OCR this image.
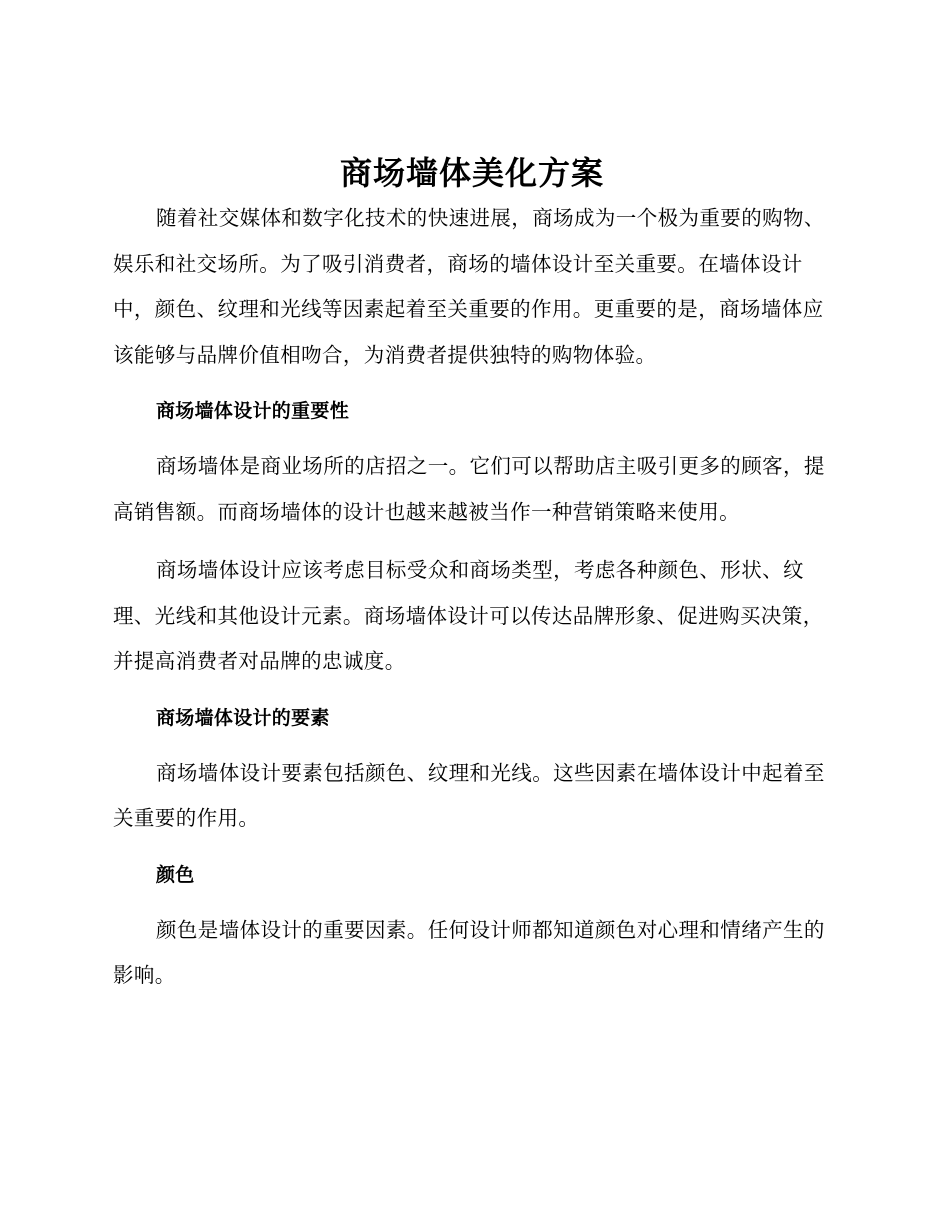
商场墙体美化方案

随着社交媒体和数字化技术的快速进展，商场成为一个极为重要的购物、娱乐和社交场所。为了吸引消费者，商场的墙体设计至关重要。在墙体设计中，颜色、纹理和光线等因素起着至关重要的作用。更重要的是，商场墙体应该能够与品牌价值相吻合，为消费者提供独特的购物体验。

商场墙体设计的重要性

商场墙体是商业场所的店招之一。它们可以帮助店主吸引更多的顾客，提高销售额。而商场墙体的设计也越来越被当作一种营销策略来使用。

商场墙体设计应该考虑目标受众和商场类型，考虑各种颜色、形状、纹理、光线和其他设计元素。商场墙体设计可以传达品牌形象、促进购买决策，并提高消费者对品牌的忠诚度。

商场墙体设计的要素

商场墙体设计要素包括颜色、纹理和光线。这些因素在墙体设计中起着至关重要的作用。

颜色

颜色是墙体设计的重要因素。任何设计师都知道颜色对心理和情绪产生的影响。
